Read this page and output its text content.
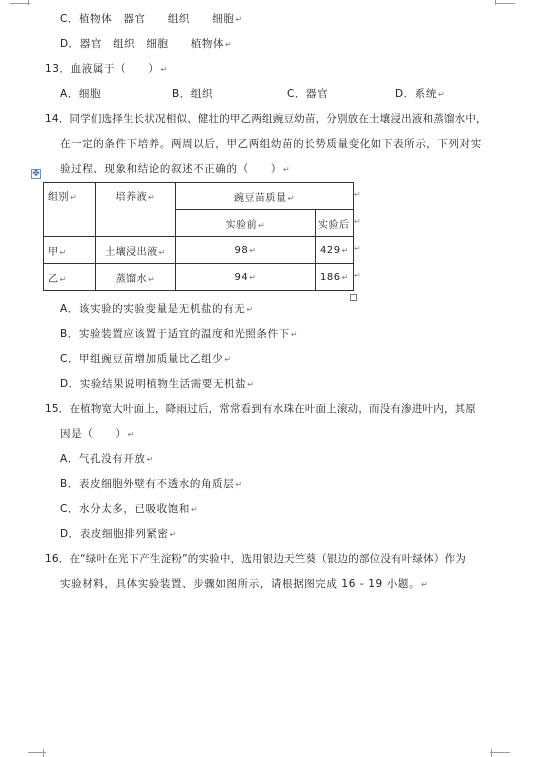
C．植物体　器官　　组织　　细胞↵
D．器官　组织　细胞　　植物体↵
13．血液属于（　　）↵
A．细胞	B．组织	C．器官	D．系统↵
14．同学们选择生长状况相似、健壮的甲乙两组豌豆幼苗，分别放在土壤浸出液和蒸馏水中，
在一定的条件下培养。两周以后，甲乙两组幼苗的长势质量变化如下表所示，下列对实
验过程、现象和结论的叙述不正确的（　　）↵
✥
组别↵	培养液↵	豌豆苗质量↵	
		实验前↵	实验后
甲↵	土壤浸出液↵	98↵	429↵
乙↵	蒸馏水↵	94↵	186↵
↵
↵
↵
↵
A．该实验的实验变量是无机盐的有无↵
B．实验装置应该置于适宜的温度和光照条件下↵
C．甲组豌豆苗增加质量比乙组少↵
D．实验结果说明植物生活需要无机盐↵
15．在植物宽大叶面上，降雨过后，常常看到有水珠在叶面上滚动，而没有渗进叶内，其原
因是（　　）↵
A．气孔没有开放↵
B．表皮细胞外壁有不透水的角质层↵
C．水分太多，已吸收饱和↵
D．表皮细胞排列紧密↵
16．在“绿叶在光下产生淀粉”的实验中，选用银边天竺葵（银边的部位没有叶绿体）作为
实验材料，具体实验装置、步骤如图所示，请根据图完成 16 - 19 小题。↵
